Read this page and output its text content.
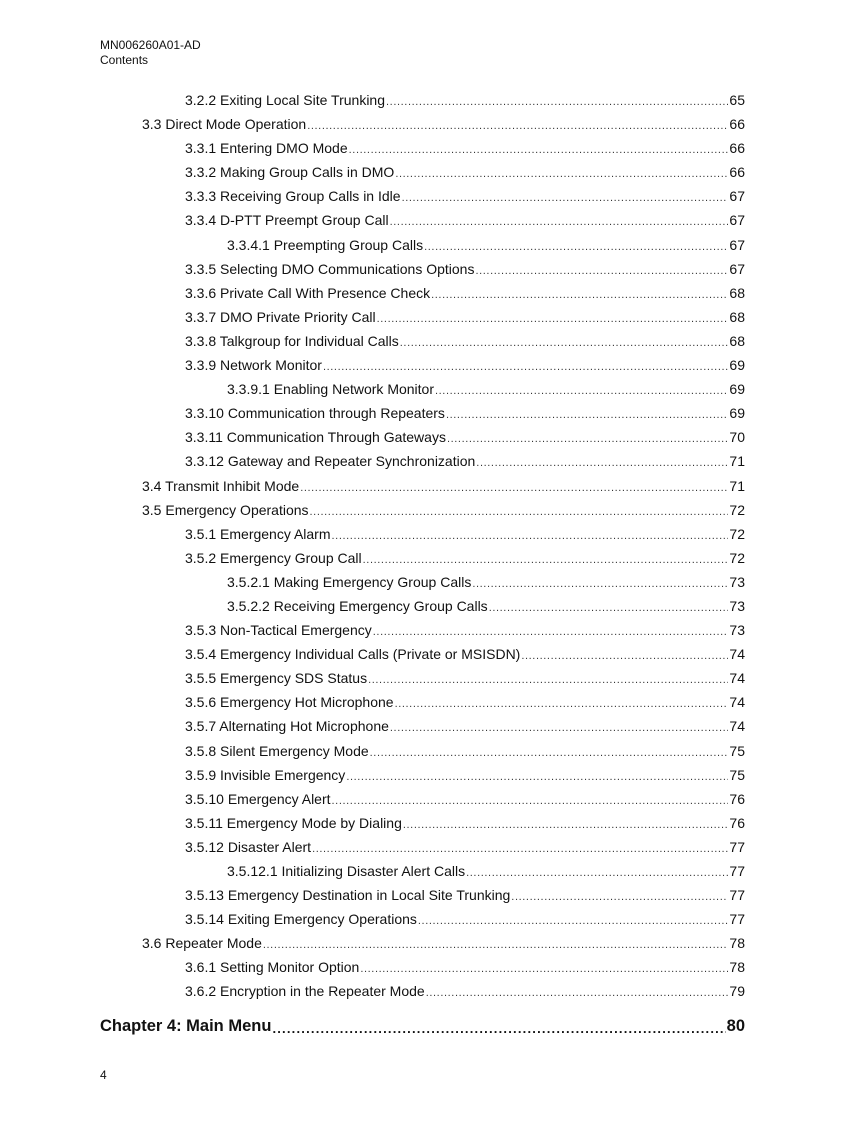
MN006260A01-AD
Contents
3.2.2 Exiting Local Site Trunking .....	65
3.3 Direct Mode Operation .....	66
3.3.1 Entering DMO Mode .....	66
3.3.2 Making Group Calls in DMO .....	66
3.3.3 Receiving Group Calls in Idle .....	67
3.3.4 D-PTT Preempt Group Call .....	67
3.3.4.1 Preempting Group Calls .....	67
3.3.5 Selecting DMO Communications Options .....	67
3.3.6 Private Call With Presence Check .....	68
3.3.7 DMO Private Priority Call .....	68
3.3.8 Talkgroup for Individual Calls .....	68
3.3.9 Network Monitor .....	69
3.3.9.1 Enabling Network Monitor .....	69
3.3.10 Communication through Repeaters .....	69
3.3.11 Communication Through Gateways .....	70
3.3.12 Gateway and Repeater Synchronization .....	71
3.4 Transmit Inhibit Mode .....	71
3.5 Emergency Operations .....	72
3.5.1 Emergency Alarm .....	72
3.5.2 Emergency Group Call .....	72
3.5.2.1 Making Emergency Group Calls .....	73
3.5.2.2 Receiving Emergency Group Calls .....	73
3.5.3 Non-Tactical Emergency .....	73
3.5.4 Emergency Individual Calls (Private or MSISDN) .....	74
3.5.5 Emergency SDS Status .....	74
3.5.6 Emergency Hot Microphone .....	74
3.5.7 Alternating Hot Microphone .....	74
3.5.8 Silent Emergency Mode .....	75
3.5.9 Invisible Emergency .....	75
3.5.10 Emergency Alert .....	76
3.5.11 Emergency Mode by Dialing .....	76
3.5.12 Disaster Alert .....	77
3.5.12.1 Initializing Disaster Alert Calls .....	77
3.5.13 Emergency Destination in Local Site Trunking .....	77
3.5.14 Exiting Emergency Operations .....	77
3.6 Repeater Mode .....	78
3.6.1 Setting Monitor Option .....	78
3.6.2 Encryption in the Repeater Mode .....	79
Chapter 4: Main Menu .....	80
4
